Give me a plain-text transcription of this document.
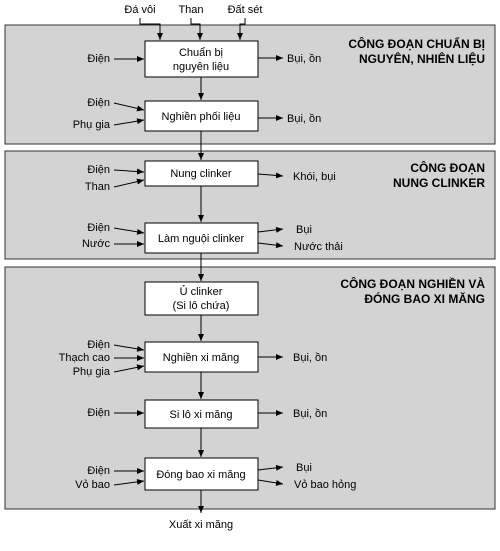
CÔNG ĐOẠN CHUẨN BỊ
NGUYÊN, NHIÊN LIỆU
CÔNG ĐOẠN
NUNG CLINKER
CÔNG ĐOẠN NGHIỀN VÀ
ĐÓNG BAO XI MĂNG
Đá vôi Than Đất sét
Chuẩn bị
nguyên liệu
Nghiền phối liệu
Nung clinker
Làm nguội clinker
Ủ clinker
(Si lô chứa)
Nghiền xi măng
Si lô xi măng
Đóng bao xi măng
Điện
Điện
Phụ gia
Điện
Than
Điện
Nước
Điện
Thạch cao
Phụ gia
Điện
Điện
Vỏ bao
Bụi, ồn
Bụi, ồn
Khói, bụi
Bụi
Nước thải
Bụi, ồn
Bụi, ồn
Bụi
Vỏ bao hỏng
Xuất xi măng
